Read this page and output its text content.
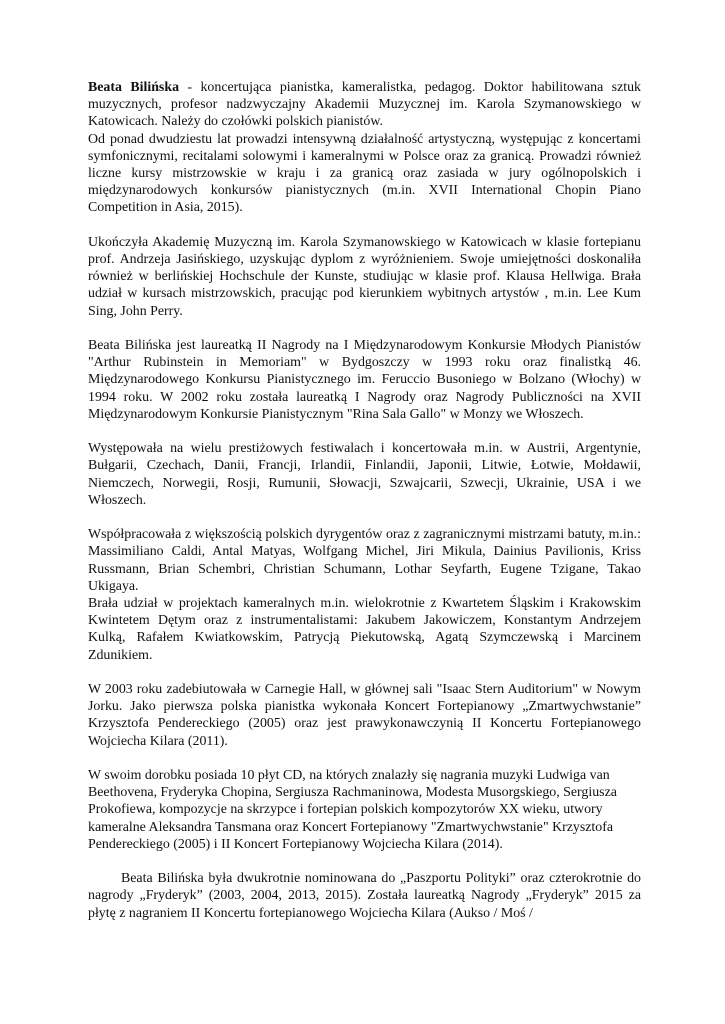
Beata Bilińska - koncertująca pianistka, kameralistka, pedagog. Doktor habilitowana sztuk muzycznych, profesor nadzwyczajny Akademii Muzycznej im. Karola Szymanowskiego w Katowicach. Należy do czołówki polskich pianistów.

Od ponad dwudziestu lat prowadzi intensywną działalność artystyczną, występując z koncertami symfonicznymi, recitalami solowymi i kameralnymi w Polsce oraz za granicą. Prowadzi również liczne kursy mistrzowskie w kraju i za granicą oraz zasiada w jury ogólnopolskich i międzynarodowych konkursów pianistycznych (m.in. XVII International Chopin Piano Competition in Asia, 2015).

Ukończyła Akademię Muzyczną im. Karola Szymanowskiego w Katowicach w klasie fortepianu prof. Andrzeja Jasińskiego, uzyskując dyplom z wyróżnieniem. Swoje umiejętności doskonaliła również w berlińskiej Hochschule der Kunste, studiując w klasie prof. Klausa Hellwiga. Brała udział w kursach mistrzowskich, pracując pod kierunkiem wybitnych artystów , m.in. Lee Kum Sing, John Perry.

Beata Bilińska jest laureatką II Nagrody na I Międzynarodowym Konkursie Młodych Pianistów "Arthur Rubinstein in Memoriam" w Bydgoszczy w 1993 roku oraz finalistką 46. Międzynarodowego Konkursu Pianistycznego im. Feruccio Busoniego w Bolzano (Włochy) w 1994 roku. W 2002 roku została laureatką I Nagrody oraz Nagrody Publiczności na XVII Międzynarodowym Konkursie Pianistycznym "Rina Sala Gallo" w Monzy we Włoszech.

Występowała na wielu prestiżowych festiwalach i koncertowała m.in. w Austrii, Argentynie, Bułgarii, Czechach, Danii, Francji, Irlandii, Finlandii, Japonii, Litwie, Łotwie, Mołdawii, Niemczech, Norwegii, Rosji, Rumunii, Słowacji, Szwajcarii, Szwecji, Ukrainie, USA i we Włoszech.

Współpracowała z większością polskich dyrygentów oraz z zagranicznymi mistrzami batuty, m.in.: Massimiliano Caldi, Antal Matyas, Wolfgang Michel, Jiri Mikula, Dainius Pavilionis, Kriss Russmann, Brian Schembri, Christian Schumann, Lothar Seyfarth, Eugene Tzigane, Takao Ukigaya.

Brała udział w projektach kameralnych m.in. wielokrotnie z Kwartetem Śląskim i Krakowskim Kwintetem Dętym oraz z instrumentalistami: Jakubem Jakowiczem, Konstantym Andrzejem Kulką, Rafałem Kwiatkowskim, Patrycją Piekutowską, Agatą Szymczewską i Marcinem Zdunikiem.

W 2003 roku zadebiutowała w Carnegie Hall, w głównej sali "Isaac Stern Auditorium" w Nowym Jorku. Jako pierwsza polska pianistka wykonała Koncert Fortepianowy „Zmartwychwstanie” Krzysztofa Pendereckiego (2005) oraz jest prawykonawczynią II Koncertu Fortepianowego Wojciecha Kilara (2011).

W swoim dorobku posiada 10 płyt CD, na których znalazły się nagrania muzyki Ludwiga van Beethovena, Fryderyka Chopina, Sergiusza Rachmaninowa, Modesta Musorgskiego, Sergiusza Prokofiewa, kompozycje na skrzypce i fortepian polskich kompozytorów XX wieku, utwory kameralne Aleksandra Tansmana oraz Koncert Fortepianowy "Zmartwychwstanie" Krzysztofa Pendereckiego (2005) i II Koncert Fortepianowy Wojciecha Kilara (2014).

Beata Bilińska była dwukrotnie nominowana do „Paszportu Polityki” oraz czterokrotnie do nagrody „Fryderyk” (2003, 2004, 2013, 2015). Została laureatką Nagrody „Fryderyk” 2015 za płytę z nagraniem II Koncertu fortepianowego Wojciecha Kilara (Aukso / Moś /
